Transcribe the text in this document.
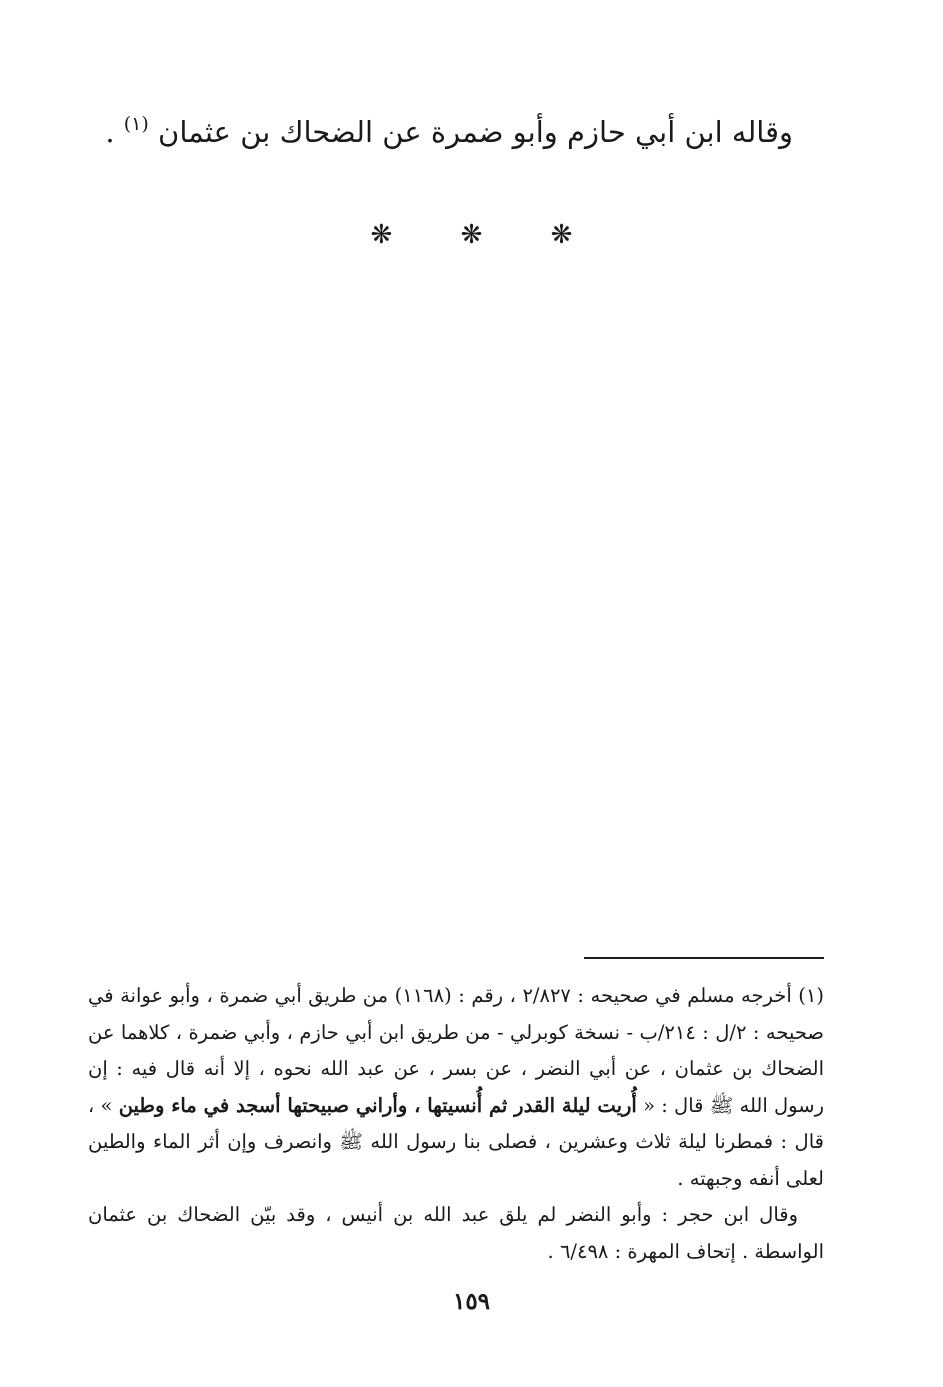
وقاله ابن أبي حازم وأبو ضمرة عن الضحاك بن عثمان $^{(١)}$ .
❋	❋	❋

(١) أخرجه مسلم في صحيحه : ٢/٨٢٧ ، رقم : (١١٦٨) من طريق أبي ضمرة ، وأبو عوانة في صحيحه : ٢/ل : ٢١٤/ب - نسخة كوبرلي - من طريق ابن أبي حازم ، وأبي ضمرة ، كلاهما عن الضحاك بن عثمان ، عن أبي النضر ، عن بسر ، عن عبد الله نحوه ، إلا أنه قال فيه : إن رسول الله ﷺ قال : « أُريت ليلة القدر ثم أُنسيتها ، وأراني صبيحتها أسجد في ماء وطين » ، قال : فمطرنا ليلة ثلاث وعشرين ، فصلى بنا رسول الله ﷺ وانصرف وإن أثر الماء والطين لعلى أنفه وجبهته .

وقال ابن حجر : وأبو النضر لم يلق عبد الله بن أنيس ، وقد بيّن الضحاك بن عثمان الواسطة . إتحاف المهرة : ٦/٤٩٨ .

١٥٩
